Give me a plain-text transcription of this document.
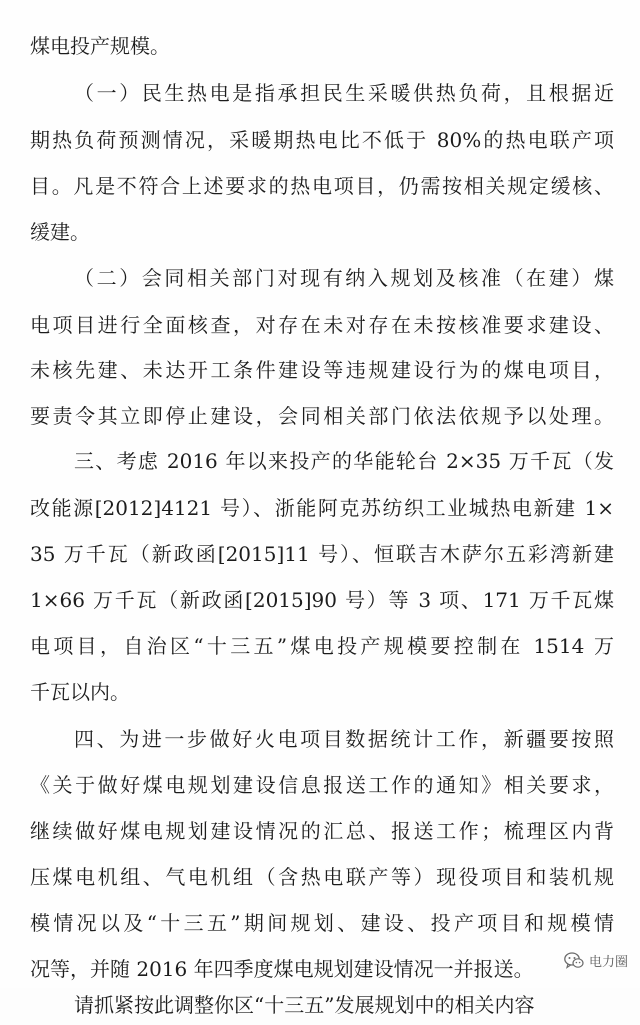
煤电投产规模。
（一）民生热电是指承担民生采暖供热负荷，且根据近
期热负荷预测情况，采暖期热电比不低于 80%的热电联产项
目。凡是不符合上述要求的热电项目，仍需按相关规定缓核、
缓建。
（二）会同相关部门对现有纳入规划及核准（在建）煤
电项目进行全面核查，对存在未对存在未按核准要求建设、
未核先建、未达开工条件建设等违规建设行为的煤电项目，
要责令其立即停止建设，会同相关部门依法依规予以处理。
三、考虑 2016 年以来投产的华能轮台 2×35 万千瓦（发
改能源[2012]4121 号）、浙能阿克苏纺织工业城热电新建 1×
35 万千瓦（新政函[2015]11 号）、恒联吉木萨尔五彩湾新建
1×66 万千瓦（新政函[2015]90 号）等 3 项、171 万千瓦煤
电项目，自治区“十三五”煤电投产规模要控制在 1514 万
千瓦以内。
四、为进一步做好火电项目数据统计工作，新疆要按照
《关于做好煤电规划建设信息报送工作的通知》相关要求，
继续做好煤电规划建设情况的汇总、报送工作；梳理区内背
压煤电机组、气电机组（含热电联产等）现役项目和装机规
模情况以及“十三五”期间规划、建设、投产项目和规模情
况等，并随 2016 年四季度煤电规划建设情况一并报送。
请抓紧按此调整你区“十三五”发展规划中的相关内容
电力圈
